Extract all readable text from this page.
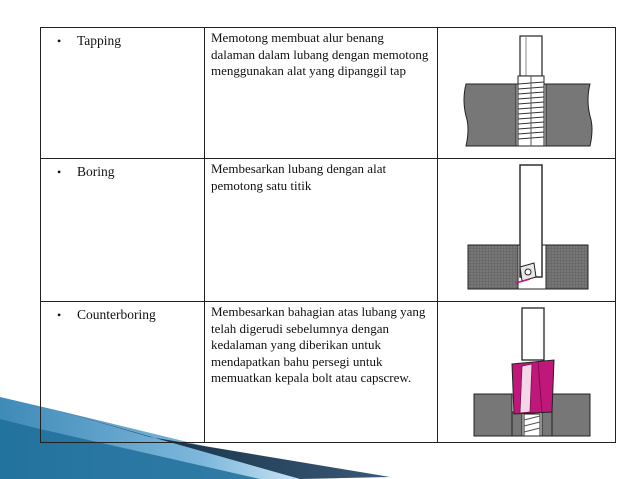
• Tapping	Memotong membuat alur benang dalaman dalam lubang dengan memotong menggunakan alat yang dipanggil tap

• Boring	Membesarkan lubang dengan alat pemotong satu titik

• Counterboring	Membesarkan bahagian atas lubang yang telah digerudi sebelumnya dengan kedalaman yang diberikan untuk mendapatkan bahu persegi untuk memuatkan kepala bolt atau capscrew.
